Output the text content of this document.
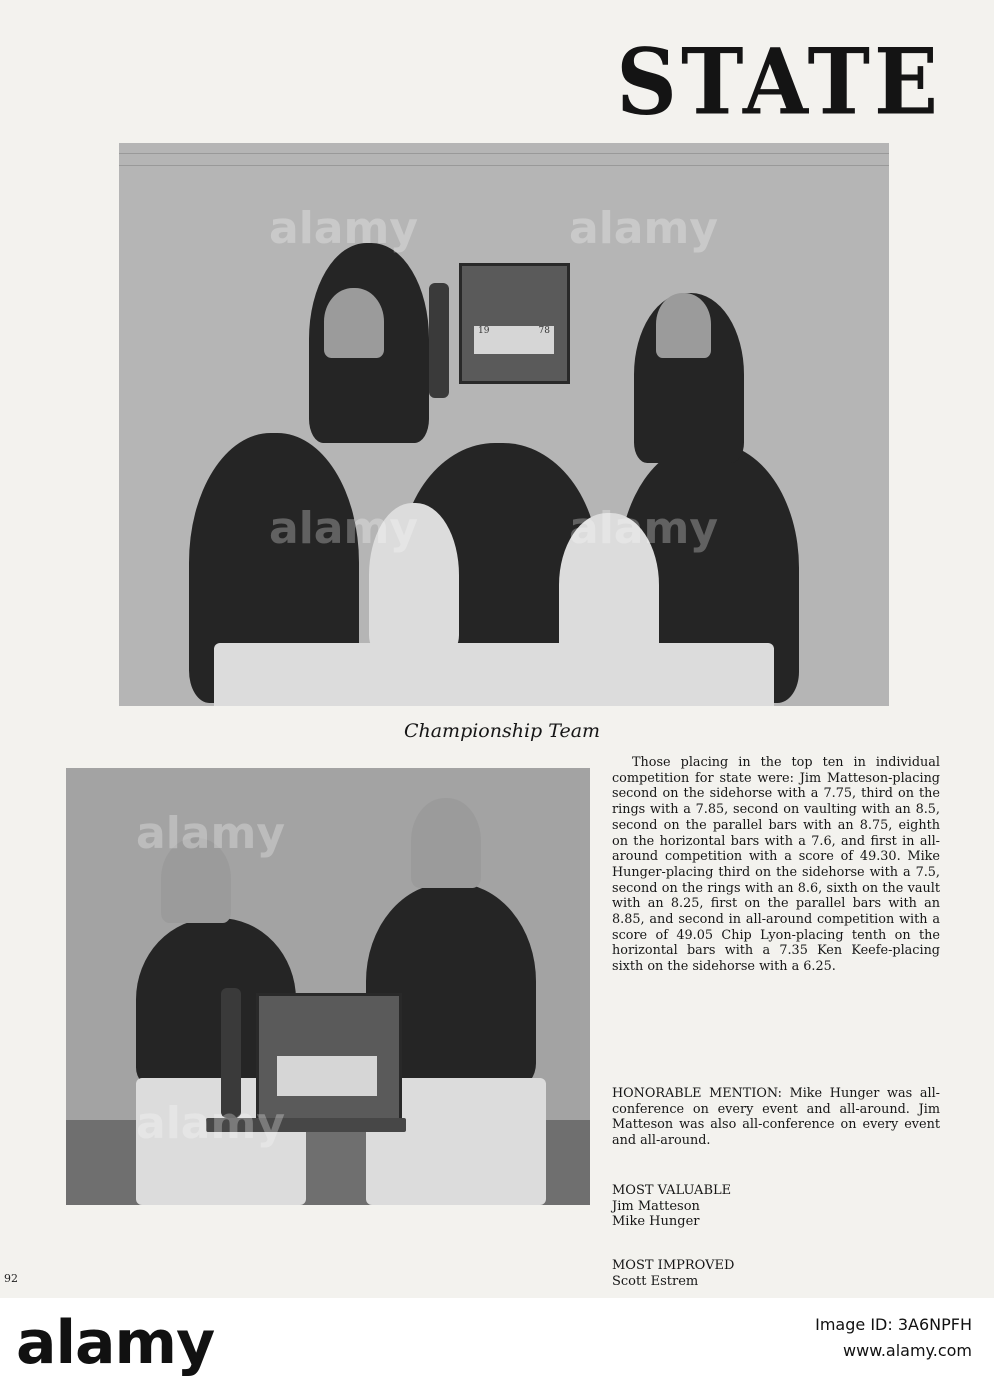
STATE
19	78
alamy	alamy
alamy	alamy
Championship Team
alamy
alamy

Those placing in the top ten in individual competition for state were: Jim Matteson-placing second on the sidehorse with a 7.75, third on the rings with a 7.85, second on vaulting with an 8.5, second on the parallel bars with an 8.75, eighth on the horizontal bars with a 7.6, and first in all-around competition with a score of 49.30. Mike Hunger-placing third on the sidehorse with a 7.5, second on the rings with an 8.6, sixth on the vault with an 8.25, first on the parallel bars with an 8.85, and second in all-around competition with a score of 49.05 Chip Lyon-placing tenth on the horizontal bars with a 7.35 Ken Keefe-placing sixth on the sidehorse with a 6.25.

HONORABLE MENTION: Mike Hunger was all-conference on every event and all-around. Jim Matteson was also all-conference on every event and all-around.

MOST VALUABLE
Jim Matteson
Mike Hunger
MOST IMPROVED
Scott Estrem
92
alamy	Image ID: 3A6NPFH
www.alamy.com
